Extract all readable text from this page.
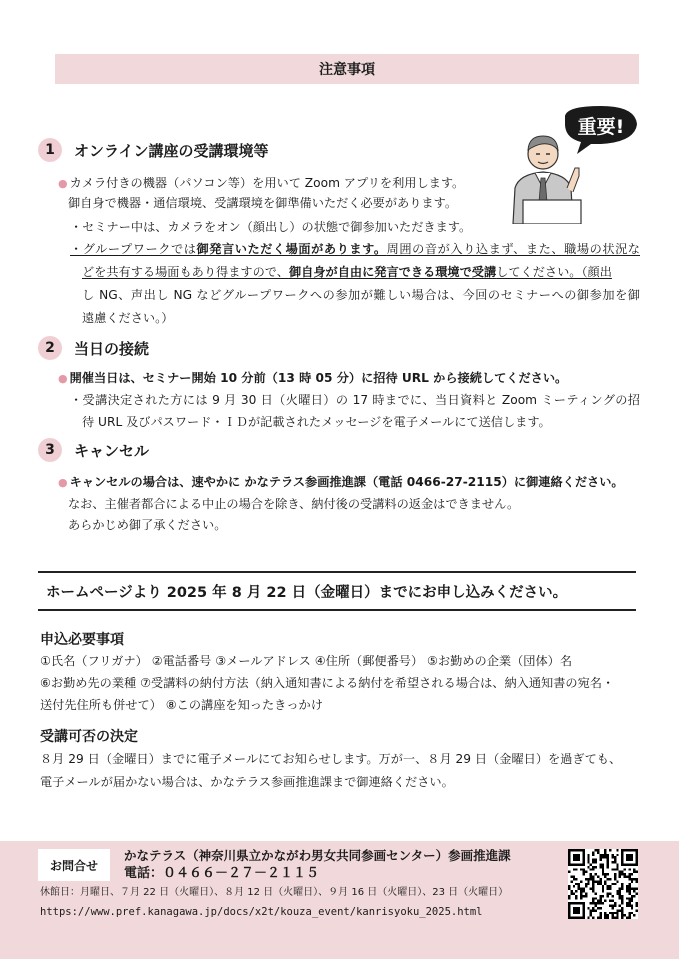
注意事項
1	オンライン講座の受講環境等
重要!
● カメラ付きの機器（パソコン等）を用いて Zoom アプリを利用します。
御自身で機器・通信環境、受講環境を御準備いただく必要があります。
・セミナー中は、カメラをオン（顔出し）の状態で御参加いただきます。
・グループワークでは御発言いただく場面があります。周囲の音が入り込まず、また、職場の状況な
どを共有する場面もあり得ますので、御自身が自由に発言できる環境で受講してください。（顔出
し NG、声出し NG などグループワークへの参加が難しい場合は、今回のセミナーへの御参加を御
遠慮ください。）
2	当日の接続
● 開催当日は、セミナー開始 10 分前（13 時 05 分）に招待 URL から接続してください。
・受講決定された方には 9 月 30 日（火曜日）の 17 時までに、当日資料と Zoom ミーティングの招
待 URL 及びパスワード・ＩＤが記載されたメッセージを電子メールにて送信します。
3	キャンセル
● キャンセルの場合は、速やかに かなテラス参画推進課（電話 0466-27-2115）に御連絡ください。
なお、主催者都合による中止の場合を除き、納付後の受講料の返金はできません。
あらかじめ御了承ください。
ホームページより 2025 年 8 月 22 日（金曜日）までにお申し込みください。
申込必要事項
①氏名（フリガナ） ②電話番号 ③メールアドレス ④住所（郵便番号） ⑤お勤めの企業（団体）名
⑥お勤め先の業種 ⑦受講料の納付方法（納入通知書による納付を希望される場合は、納入通知書の宛名・
送付先住所も併せて） ⑧この講座を知ったきっかけ
受講可否の決定
８月 29 日（金曜日）までに電子メールにてお知らせします。万が一、８月 29 日（金曜日）を過ぎても、
電子メールが届かない場合は、かなテラス参画推進課まで御連絡ください。
お問合せ
かなテラス（神奈川県立かながわ男女共同参画センター）参画推進課
電話：０４６６－２７－２１１５
休館日：月曜日、７月 22 日（火曜日）、８月 12 日（火曜日）、９月 16 日（火曜日）、23 日（火曜日）
https://www.pref.kanagawa.jp/docs/x2t/kouza_event/kanrisyoku_2025.html
